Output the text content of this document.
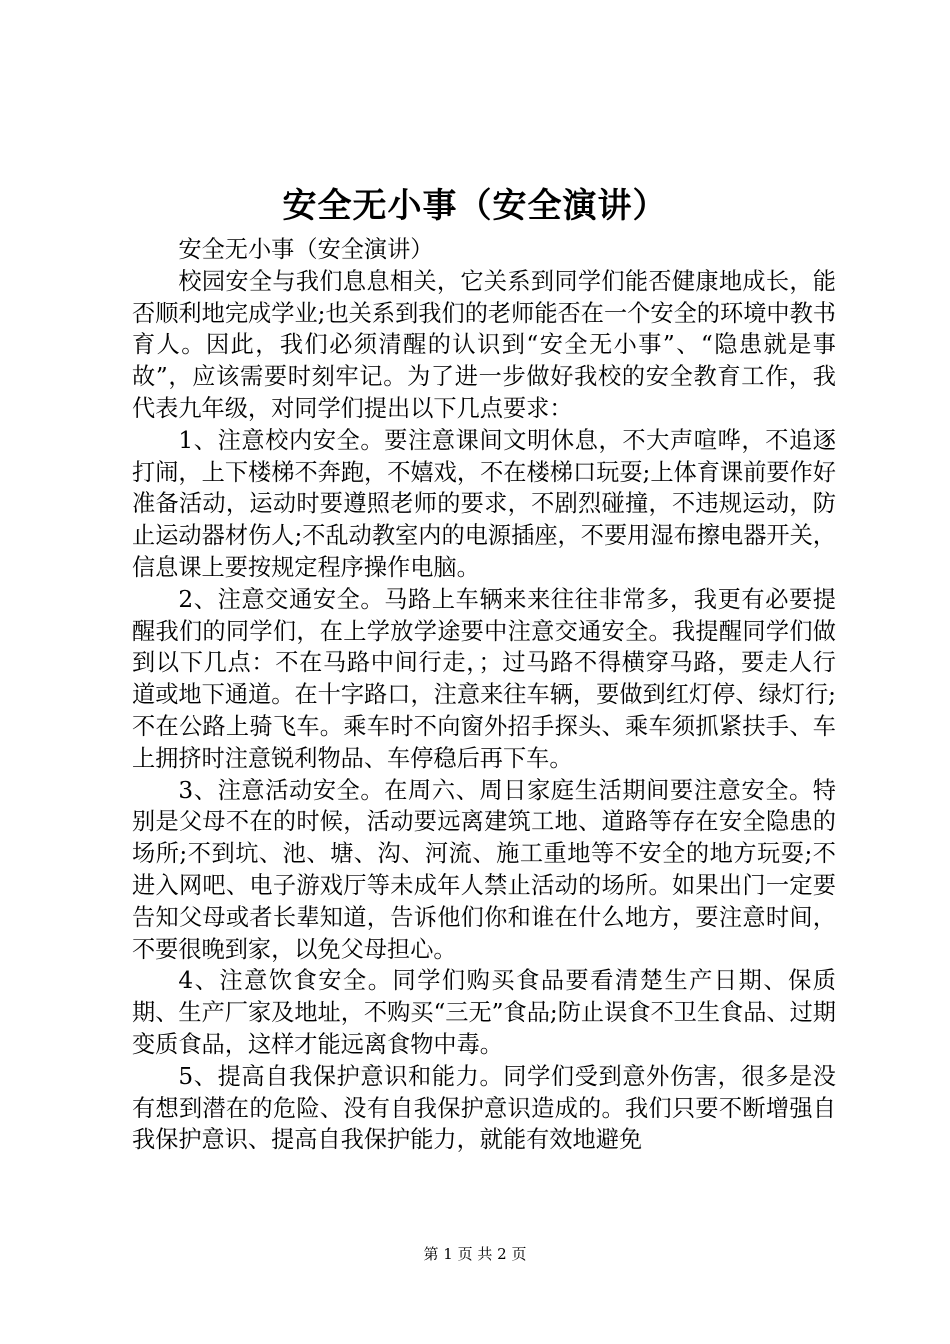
安全无小事（安全演讲）

安全无小事（安全演讲）

校园安全与我们息息相关，它关系到同学们能否健康地成长，能否顺利地完成学业;也关系到我们的老师能否在一个安全的环境中教书育人。因此，我们必须清醒的认识到“安全无小事”、“隐患就是事故”，应该需要时刻牢记。为了进一步做好我校的安全教育工作，我代表九年级，对同学们提出以下几点要求：

1、注意校内安全。要注意课间文明休息，不大声喧哗，不追逐打闹，上下楼梯不奔跑，不嬉戏，不在楼梯口玩耍;上体育课前要作好准备活动，运动时要遵照老师的要求，不剧烈碰撞，不违规运动，防止运动器材伤人;不乱动教室内的电源插座，不要用湿布擦电器开关，信息课上要按规定程序操作电脑。

2、注意交通安全。马路上车辆来来往往非常多，我更有必要提醒我们的同学们，在上学放学途要中注意交通安全。我提醒同学们做到以下几点：不在马路中间行走，；过马路不得横穿马路，要走人行道或地下通道。在十字路口，注意来往车辆，要做到红灯停、绿灯行;不在公路上骑飞车。乘车时不向窗外招手探头、乘车须抓紧扶手、车上拥挤时注意锐利物品、车停稳后再下车。

3、注意活动安全。在周六、周日家庭生活期间要注意安全。特别是父母不在的时候，活动要远离建筑工地、道路等存在安全隐患的场所;不到坑、池、塘、沟、河流、施工重地等不安全的地方玩耍;不进入网吧、电子游戏厅等未成年人禁止活动的场所。如果出门一定要告知父母或者长辈知道，告诉他们你和谁在什么地方，要注意时间，不要很晚到家，以免父母担心。

4、注意饮食安全。同学们购买食品要看清楚生产日期、保质期、生产厂家及地址，不购买“三无”食品;防止误食不卫生食品、过期变质食品，这样才能远离食物中毒。

5、提高自我保护意识和能力。同学们受到意外伤害，很多是没有想到潜在的危险、没有自我保护意识造成的。我们只要不断增强自我保护意识、提高自我保护能力，就能有效地避免

第 1 页 共 2 页
